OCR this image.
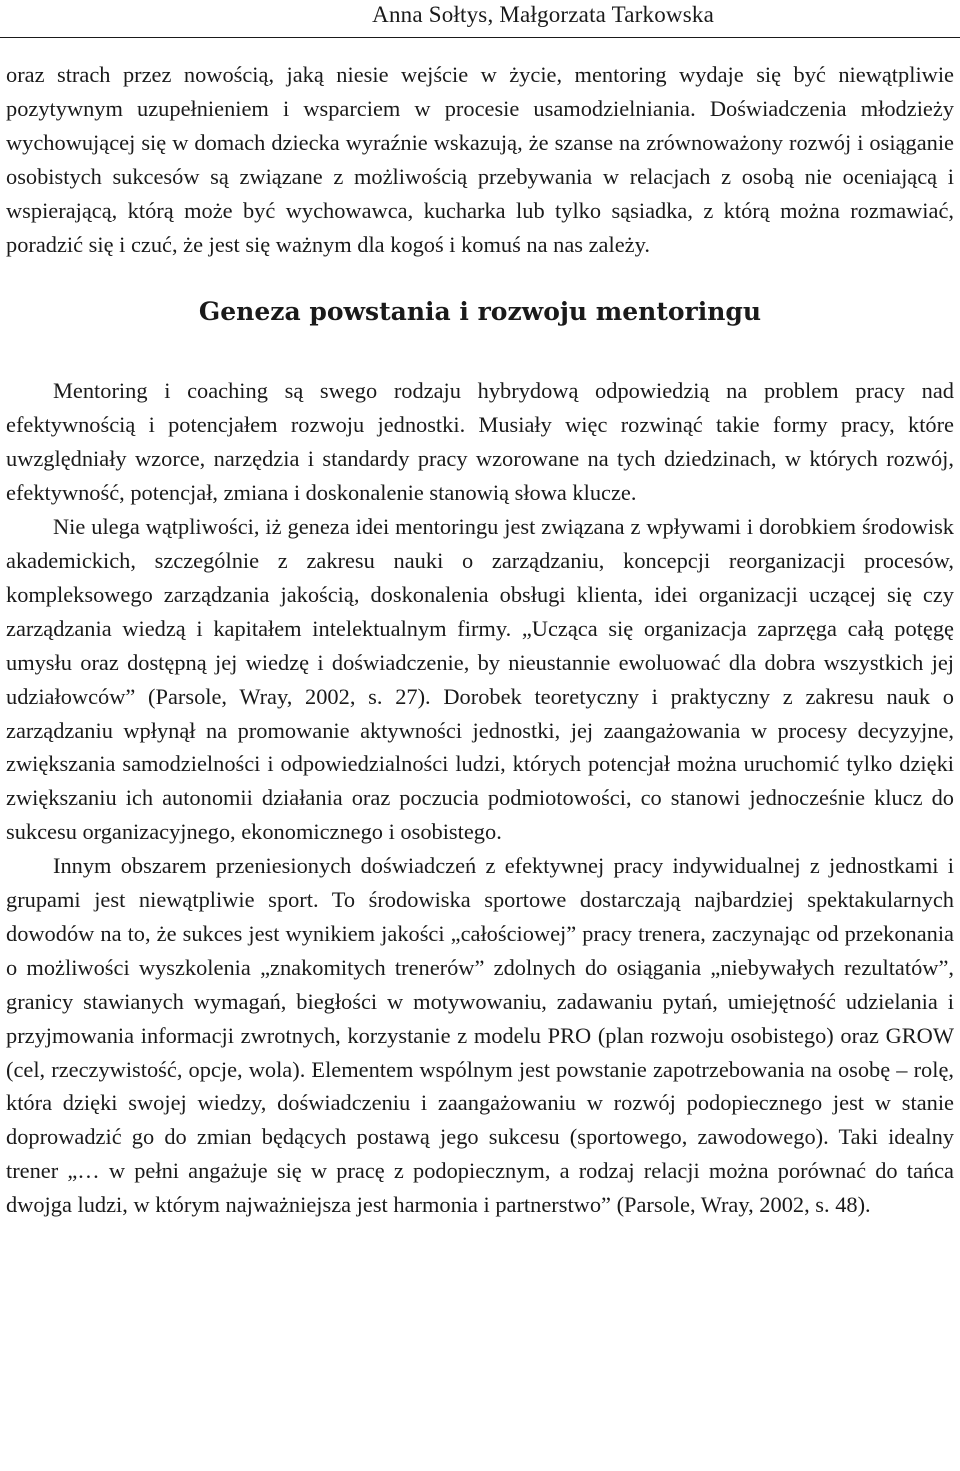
Anna Sołtys, Małgorzata Tarkowska

oraz strach przez nowością, jaką niesie wejście w życie, mentoring wydaje się być niewątpliwie pozytywnym uzupełnieniem i wsparciem w procesie usamodzielniania. Doświadczenia młodzieży wychowującej się w domach dziecka wyraźnie wskazują, że szanse na zrównoważony rozwój i osiąganie osobistych sukcesów są związane z możliwością przebywania w relacjach z osobą nie oceniającą i wspierającą, którą może być wychowawca, kucharka lub tylko sąsiadka, z którą można rozmawiać, poradzić się i czuć, że jest się ważnym dla kogoś i komuś na nas zależy.

Geneza powstania i rozwoju mentoringu

Mentoring i coaching są swego rodzaju hybrydową odpowiedzią na problem pracy nad efektywnością i potencjałem rozwoju jednostki. Musiały więc rozwinąć takie formy pracy, które uwzględniały wzorce, narzędzia i standardy pracy wzorowane na tych dziedzinach, w których rozwój, efektywność, potencjał, zmiana i doskonalenie stanowią słowa klucze.

Nie ulega wątpliwości, iż geneza idei mentoringu jest związana z wpływami i dorobkiem środowisk akademickich, szczególnie z zakresu nauki o zarządzaniu, koncepcji reorganizacji procesów, kompleksowego zarządzania jakością, doskonalenia obsługi klienta, idei organizacji uczącej się czy zarządzania wiedzą i kapitałem intelektualnym firmy. „Ucząca się organizacja zaprzęga całą potęgę umysłu oraz dostępną jej wiedzę i doświadczenie, by nieustannie ewoluować dla dobra wszystkich jej udziałowców” (Parsole, Wray, 2002, s. 27). Dorobek teoretyczny i praktyczny z zakresu nauk o zarządzaniu wpłynął na promowanie aktywności jednostki, jej zaangażowania w procesy decyzyjne, zwiększania samodzielności i odpowiedzialności ludzi, których potencjał można uruchomić tylko dzięki zwiększaniu ich autonomii działania oraz poczucia podmiotowości, co stanowi jednocześnie klucz do sukcesu organizacyjnego, ekonomicznego i osobistego.

Innym obszarem przeniesionych doświadczeń z efektywnej pracy indywidualnej z jednostkami i grupami jest niewątpliwie sport. To środowiska sportowe dostarczają najbardziej spektakularnych dowodów na to, że sukces jest wynikiem jakości „całościowej” pracy trenera, zaczynając od przekonania o możliwości wyszkolenia „znakomitych trenerów” zdolnych do osiągania „niebywałych rezultatów”, granicy stawianych wymagań, biegłości w motywowaniu, zadawaniu pytań, umiejętność udzielania i przyjmowania informacji zwrotnych, korzystanie z modelu PRO (plan rozwoju osobistego) oraz GROW (cel, rzeczywistość, opcje, wola). Elementem wspólnym jest powstanie zapotrzebowania na osobę – rolę, która dzięki swojej wiedzy, doświadczeniu i zaangażowaniu w rozwój podopiecznego jest w stanie doprowadzić go do zmian będących postawą jego sukcesu (sportowego, zawodowego). Taki idealny trener „… w pełni angażuje się w pracę z podopiecznym, a rodzaj relacji można porównać do tańca dwojga ludzi, w którym najważniejsza jest harmonia i partnerstwo” (Parsole, Wray, 2002, s. 48).
